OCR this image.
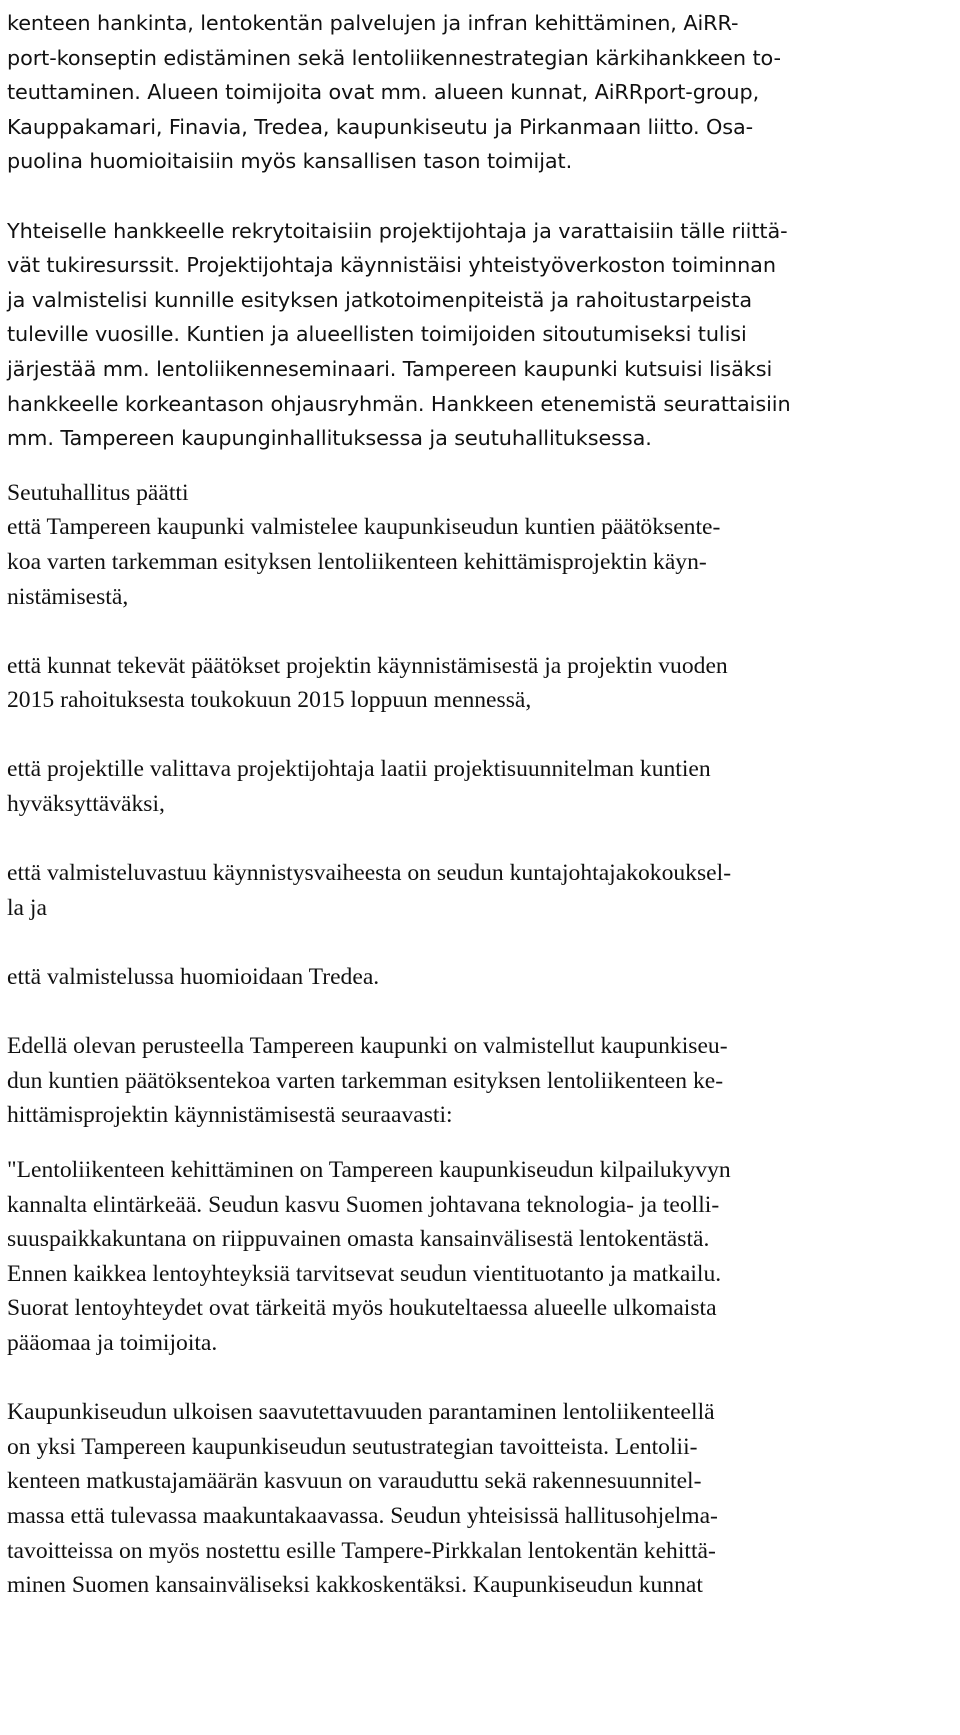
kenteen hankinta, lentokentän palvelujen ja infran kehittäminen, AiRR-
port-konseptin edistäminen sekä lentoliikennestrategian kärkihankkeen to-
teuttaminen. Alueen toimijoita ovat mm. alueen kunnat, AiRRport-group,
Kauppakamari, Finavia, Tredea, kaupunkiseutu ja Pirkanmaan liitto. Osa-
puolina huomioitaisiin myös kansallisen tason toimijat.
Yhteiselle hankkeelle rekrytoitaisiin projektijohtaja ja varattaisiin tälle riittä-
vät tukiresurssit. Projektijohtaja käynnistäisi yhteistyöverkoston toiminnan
ja valmistelisi kunnille esityksen jatkotoimenpiteistä ja rahoitustarpeista
tuleville vuosille. Kuntien ja alueellisten toimijoiden sitoutumiseksi tulisi
järjestää mm. lentoliikenneseminaari. Tampereen kaupunki kutsuisi lisäksi
hankkeelle korkeantason ohjausryhmän. Hankkeen etenemistä seurattaisiin
mm. Tampereen kaupunginhallituksessa ja seutuhallituksessa.
Seutuhallitus päätti
että Tampereen kaupunki valmistelee kaupunkiseudun kuntien päätöksente-
koa varten tarkemman esityksen lentoliikenteen kehittämisprojektin käyn-
nistämisestä,
että kunnat tekevät päätökset projektin käynnistämisestä ja projektin vuoden
2015 rahoituksesta toukokuun 2015 loppuun mennessä,
että projektille valittava projektijohtaja laatii projektisuunnitelman kuntien
hyväksyttäväksi,
että valmisteluvastuu käynnistysvaiheesta on seudun kuntajohtajakokouksel-
la ja
että valmistelussa huomioidaan Tredea.
Edellä olevan perusteella Tampereen kaupunki on valmistellut kaupunkiseu-
dun kuntien päätöksentekoa varten tarkemman esityksen lentoliikenteen ke-
hittämisprojektin käynnistämisestä seuraavasti:
"Lentoliikenteen kehittäminen on Tampereen kaupunkiseudun kilpailukyvyn
kannalta elintärkeää. Seudun kasvu Suomen johtavana teknologia- ja teolli-
suuspaikkakuntana on riippuvainen omasta kansainvälisestä lentokentästä.
Ennen kaikkea lentoyhteyksiä tarvitsevat seudun vientituotanto ja matkailu.
Suorat lentoyhteydet ovat tärkeitä myös houkuteltaessa alueelle ulkomaista
pääomaa ja toimijoita.
Kaupunkiseudun ulkoisen saavutettavuuden parantaminen lentoliikenteellä
on yksi Tampereen kaupunkiseudun seutustrategian tavoitteista. Lentolii-
kenteen matkustajamäärän kasvuun on varauduttu sekä rakennesuunnitel-
massa että tulevassa maakuntakaavassa. Seudun yhteisissä hallitusohjelma-
tavoitteissa on myös nostettu esille Tampere-Pirkkalan lentokentän kehittä-
minen Suomen kansainväliseksi kakkoskentäksi. Kaupunkiseudun kunnat
